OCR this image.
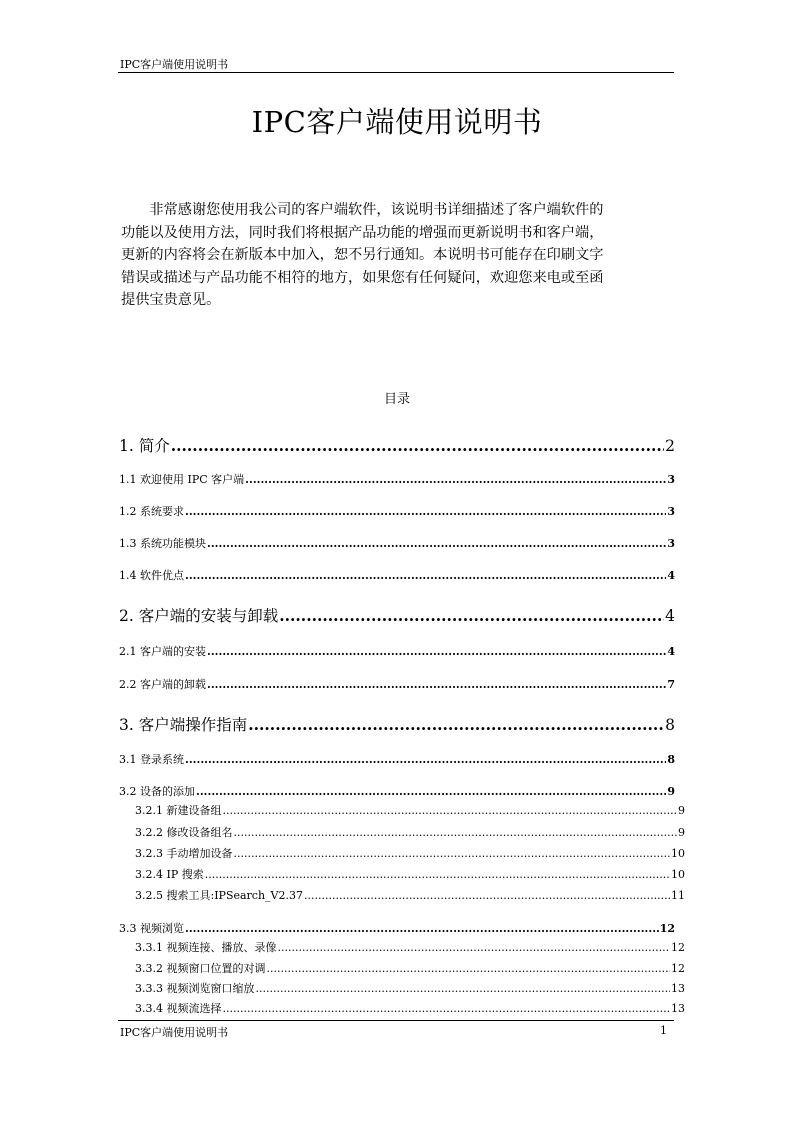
IPC客户端使用说明书
IPC客户端使用说明书

　　非常感谢您使用我公司的客户端软件，该说明书详细描述了客户端软件的

功能以及使用方法，同时我们将根据产品功能的增强而更新说明书和客户端，

更新的内容将会在新版本中加入，恕不另行通知。本说明书可能存在印刷文字

错误或描述与产品功能不相符的地方，如果您有任何疑问，欢迎您来电或至函

提供宝贵意见。

目录
1. 简介 .....	2
1.1 欢迎使用 IPC 客户端 .....	3
1.2 系统要求 .....	3
1.3 系统功能模块 .....	3
1.4 软件优点 .....	4
2. 客户端的安装与卸载 .....	4
2.1 客户端的安装 .....	4
2.2 客户端的卸载 .....	7
3. 客户端操作指南 .....	8
3.1 登录系统 .....	8
3.2 设备的添加 .....	9
3.2.1 新建设备组 .....	9
3.2.2 修改设备组名 .....	9
3.2.3 手动增加设备 .....	10
3.2.4 IP 搜索 .....	10
3.2.5 搜索工具:IPSearch_V2.37 .....	11
3.3 视频浏览 .....	12
3.3.1 视频连接、播放、录像 .....	12
3.3.2 视频窗口位置的对调 .....	12
3.3.3 视频浏览窗口缩放 .....	13
3.3.4 视频流选择 .....	13
IPC客户端使用说明书	1
